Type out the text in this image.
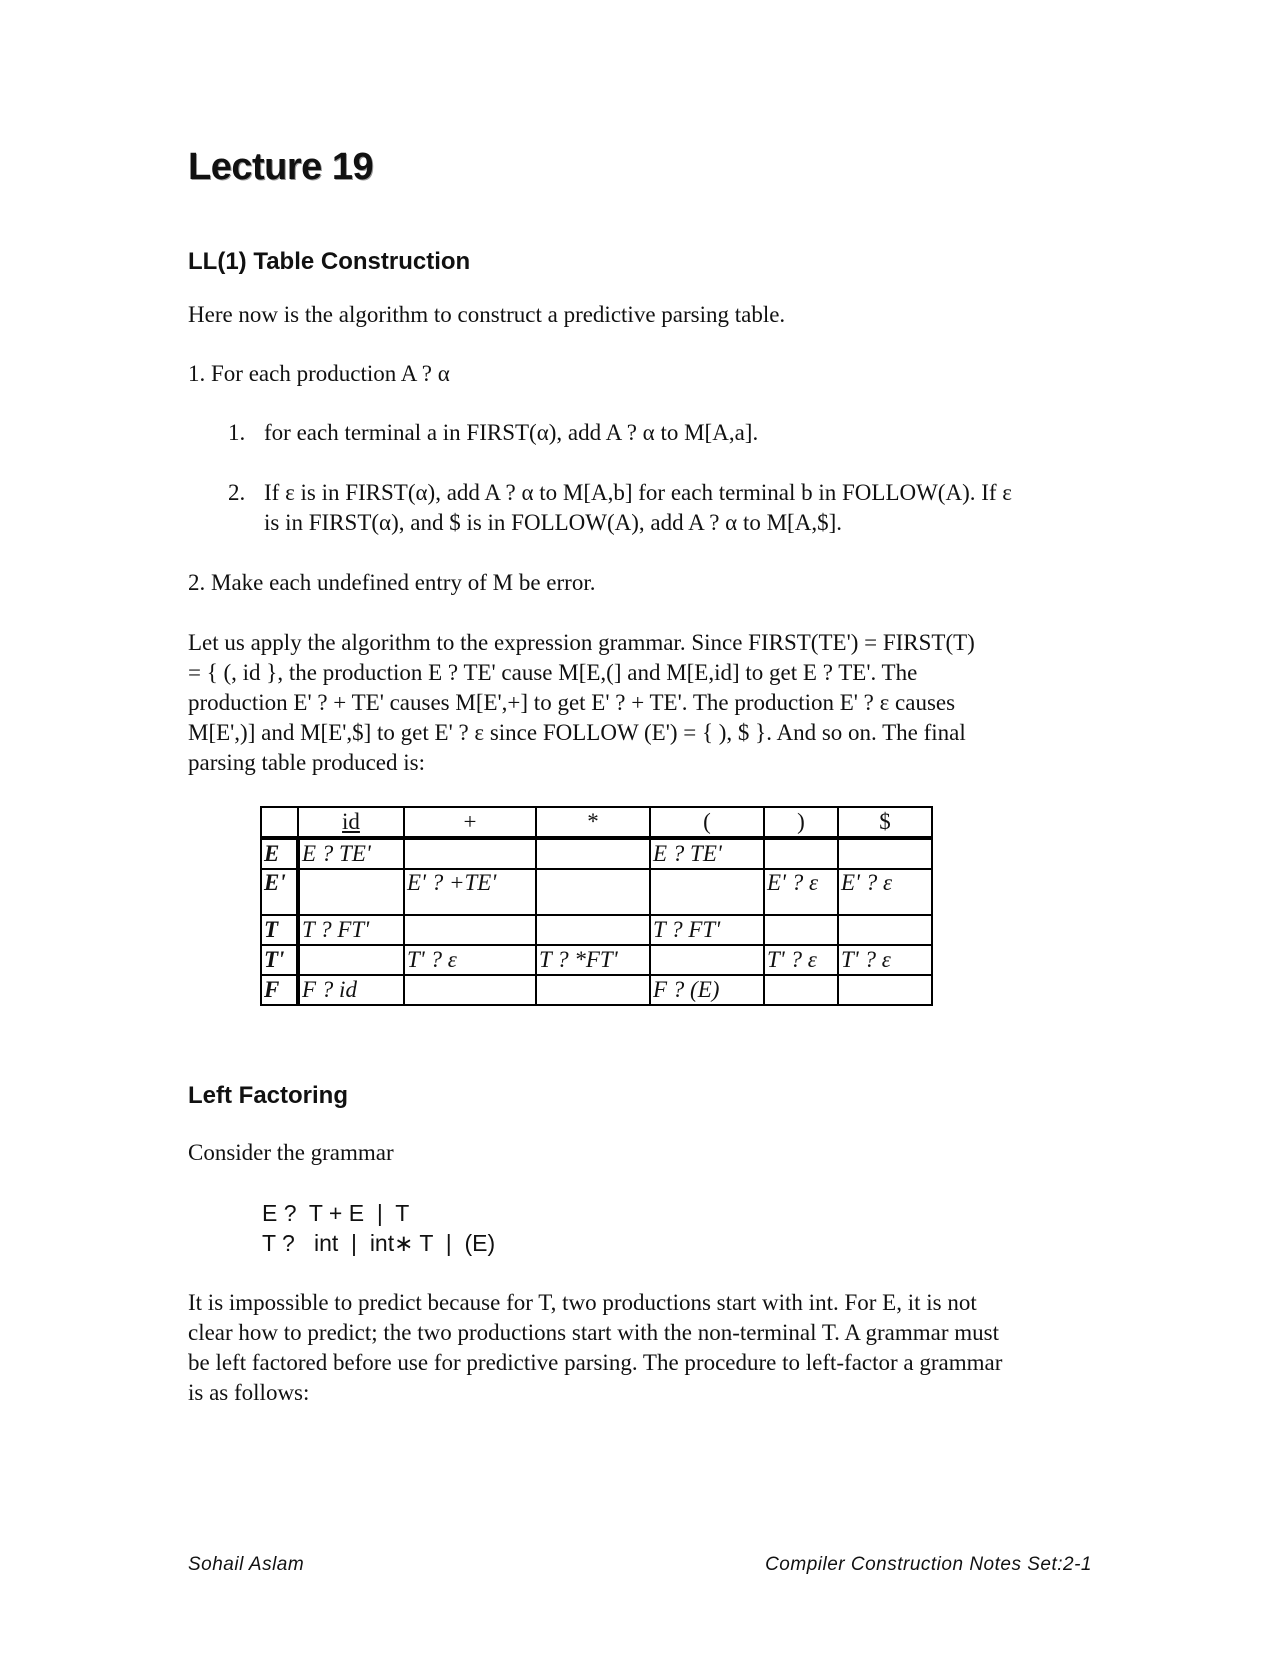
Lecture 19
LL(1) Table Construction
Here now is the algorithm to construct a predictive parsing table.
1. For each production A ? α
1. for each terminal a in FIRST(α), add A ? α to M[A,a].
2. If ε is in FIRST(α), add A ? α to M[A,b] for each terminal b in FOLLOW(A). If ε
is in FIRST(α), and $ is in FOLLOW(A), add A ? α to M[A,$].
2. Make each undefined entry of M be error.
Let us apply the algorithm to the expression grammar. Since FIRST(TE') = FIRST(T)
= { (, id }, the production E ? TE' cause M[E,(] and M[E,id] to get E ? TE'. The
production E' ? + TE' causes M[E',+] to get E' ? + TE'. The production E' ? ε causes
M[E',)] and M[E',$] to get E' ? ε since FOLLOW (E') = { ), $ }. And so on. The final
parsing table produced is:
	id	+	*	(	)	$
E	E ? TE'			E ? TE'		
E'		E' ? +TE'			E' ? ε	E' ? ε
T	T ? FT'			T ? FT'		
T'		T' ? ε	T ? *FT'		T' ? ε	T' ? ε
F	F ? id			F ? (E)		
Left Factoring
Consider the grammar
E ?  T + E  |  T
T ?   int  |  int∗ T  |  (E)
It is impossible to predict because for T, two productions start with int. For E, it is not
clear how to predict; the two productions start with the non-terminal T. A grammar must
be left factored before use for predictive parsing. The procedure to left-factor a grammar
is as follows:
Sohail Aslam	Compiler Construction Notes Set:2-1
